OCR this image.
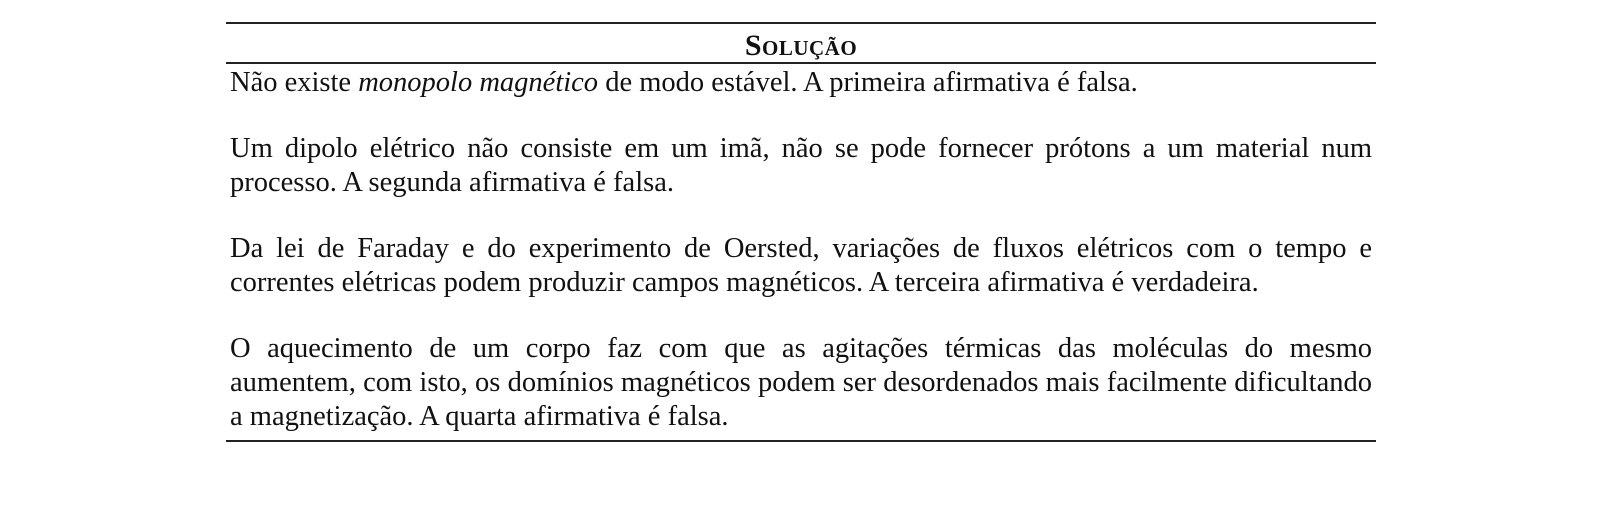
Solução

Não existe monopolo magnético de modo estável. A primeira afirmativa é falsa.

Um dipolo elétrico não consiste em um imã, não se pode fornecer prótons a um material num processo. A segunda afirmativa é falsa.

Da lei de Faraday e do experimento de Oersted, variações de fluxos elétricos com o tempo e correntes elétricas podem produzir campos magnéticos. A terceira afirmativa é verdadeira.

O aquecimento de um corpo faz com que as agitações térmicas das moléculas do mesmo aumentem, com isto, os domínios magnéticos podem ser desordenados mais facilmente dificultando a magnetização. A quarta afirmativa é falsa.
